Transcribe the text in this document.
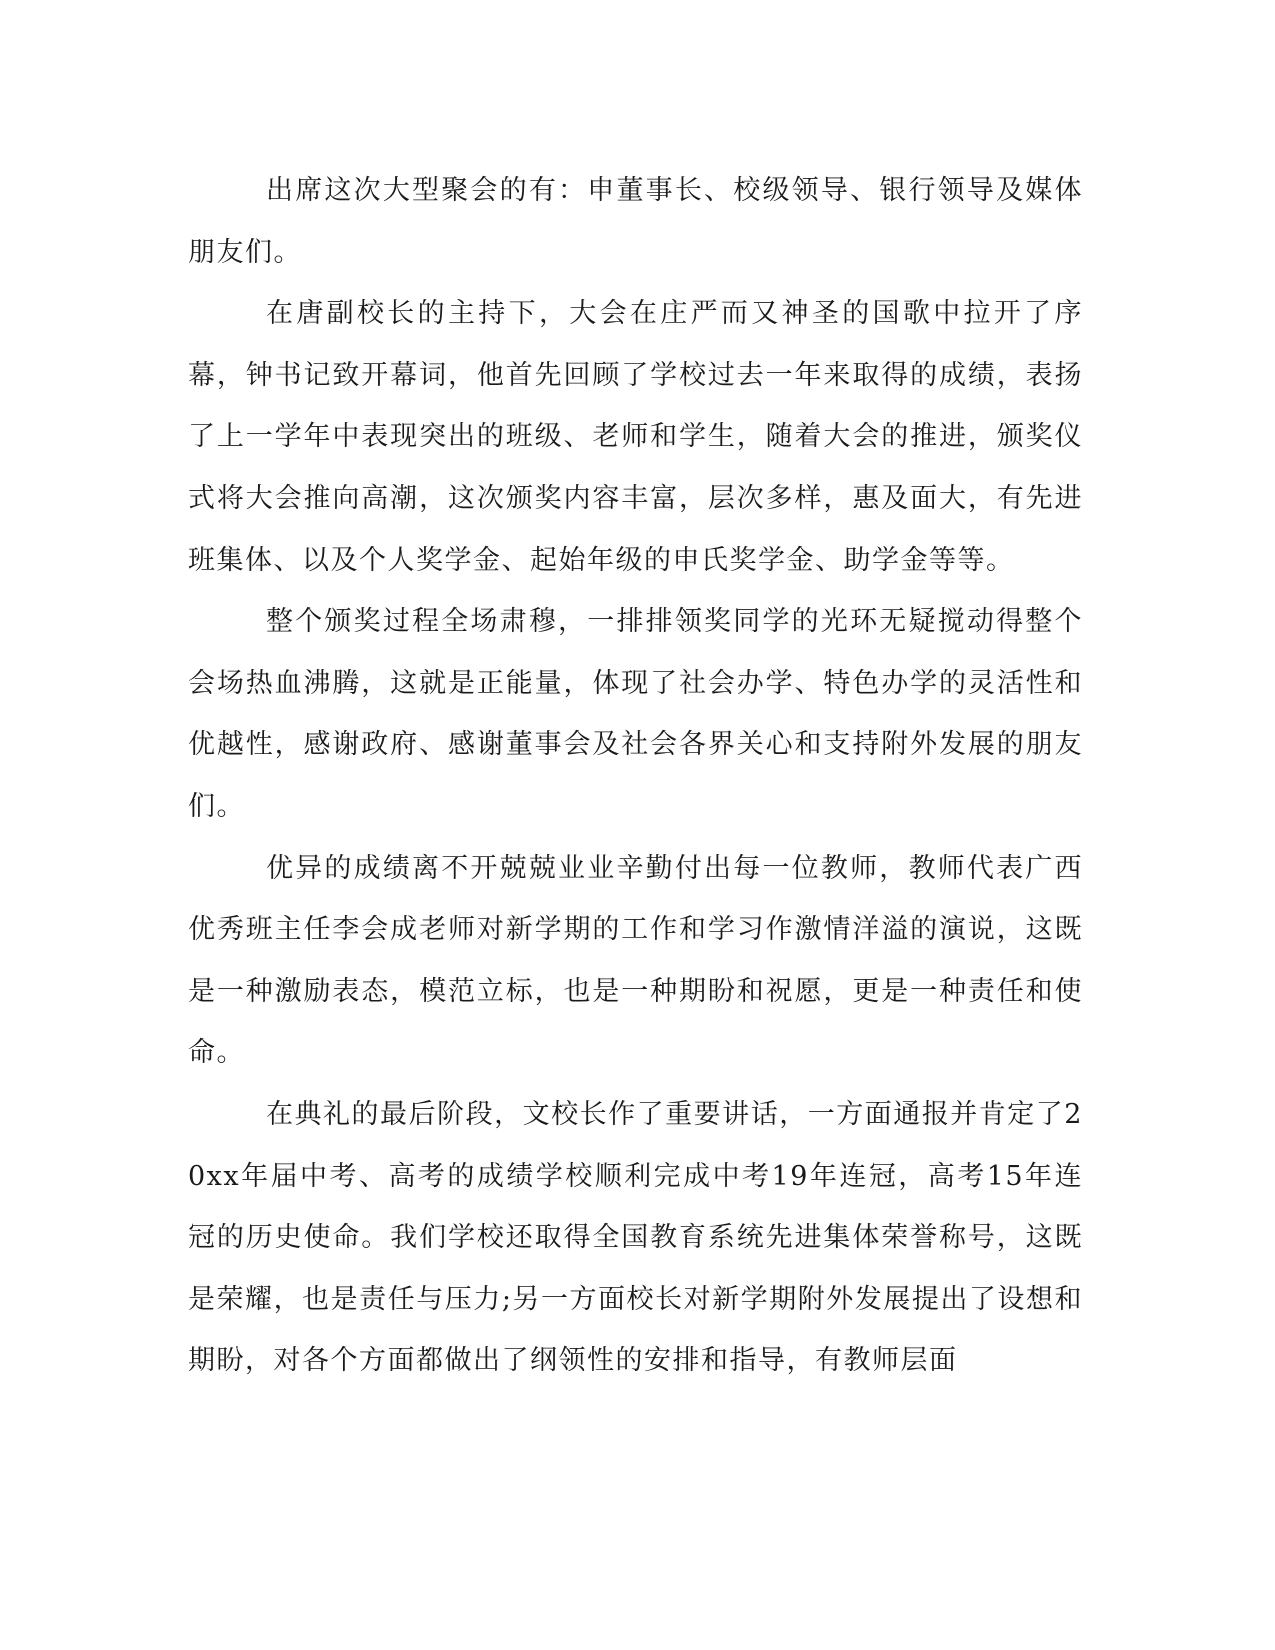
出席这次大型聚会的有：申董事长、校级领导、银行领导及媒体朋友们。

在唐副校长的主持下，大会在庄严而又神圣的国歌中拉开了序幕，钟书记致开幕词，他首先回顾了学校过去一年来取得的成绩，表扬了上一学年中表现突出的班级、老师和学生，随着大会的推进，颁奖仪式将大会推向高潮，这次颁奖内容丰富，层次多样，惠及面大，有先进班集体、以及个人奖学金、起始年级的申氏奖学金、助学金等等。

整个颁奖过程全场肃穆，一排排领奖同学的光环无疑搅动得整个会场热血沸腾，这就是正能量，体现了社会办学、特色办学的灵活性和优越性，感谢政府、感谢董事会及社会各界关心和支持附外发展的朋友们。

优异的成绩离不开兢兢业业辛勤付出每一位教师，教师代表广西优秀班主任李会成老师对新学期的工作和学习作激情洋溢的演说，这既是一种激励表态，模范立标，也是一种期盼和祝愿，更是一种责任和使命。

在典礼的最后阶段，文校长作了重要讲话，一方面通报并肯定了20xx年届中考、高考的成绩学校顺利完成中考19年连冠，高考15年连冠的历史使命。我们学校还取得全国教育系统先进集体荣誉称号，这既是荣耀，也是责任与压力;另一方面校长对新学期附外发展提出了设想和期盼，对各个方面都做出了纲领性的安排和指导，有教师层面
